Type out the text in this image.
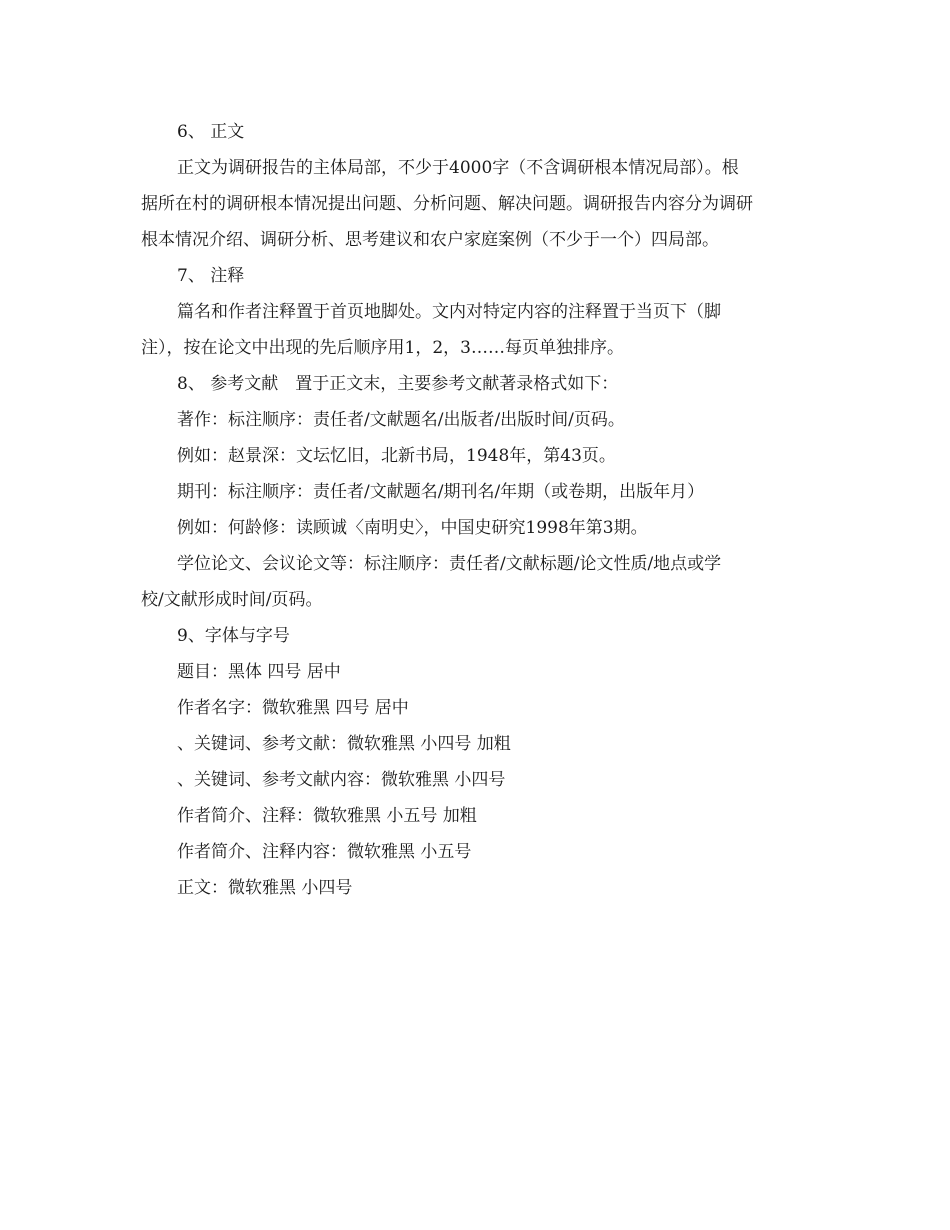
6、 正文
正文为调研报告的主体局部，不少于4000字（不含调研根本情况局部）。根
据所在村的调研根本情况提出问题、分析问题、解决问题。调研报告内容分为调研
根本情况介绍、调研分析、思考建议和农户家庭案例（不少于一个）四局部。
7、 注释
篇名和作者注释置于首页地脚处。文内对特定内容的注释置于当页下（脚
注），按在论文中出现的先后顺序用1，2，3……每页单独排序。
8、 参考文献　置于正文末，主要参考文献著录格式如下：
著作：标注顺序：责任者/文献题名/出版者/出版时间/页码。
例如：赵景深：文坛忆旧，北新书局，1948年，第43页。
期刊：标注顺序：责任者/文献题名/期刊名/年期（或卷期，出版年月）
例如：何龄修：读顾诚〈南明史〉，中国史研究1998年第3期。
学位论文、会议论文等：标注顺序：责任者/文献标题/论文性质/地点或学
校/文献形成时间/页码。
9、字体与字号
题目：黑体 四号 居中
作者名字：微软雅黑 四号 居中
、关键词、参考文献：微软雅黑 小四号 加粗
、关键词、参考文献内容：微软雅黑 小四号
作者简介、注释：微软雅黑 小五号 加粗
作者简介、注释内容：微软雅黑 小五号
正文：微软雅黑 小四号
